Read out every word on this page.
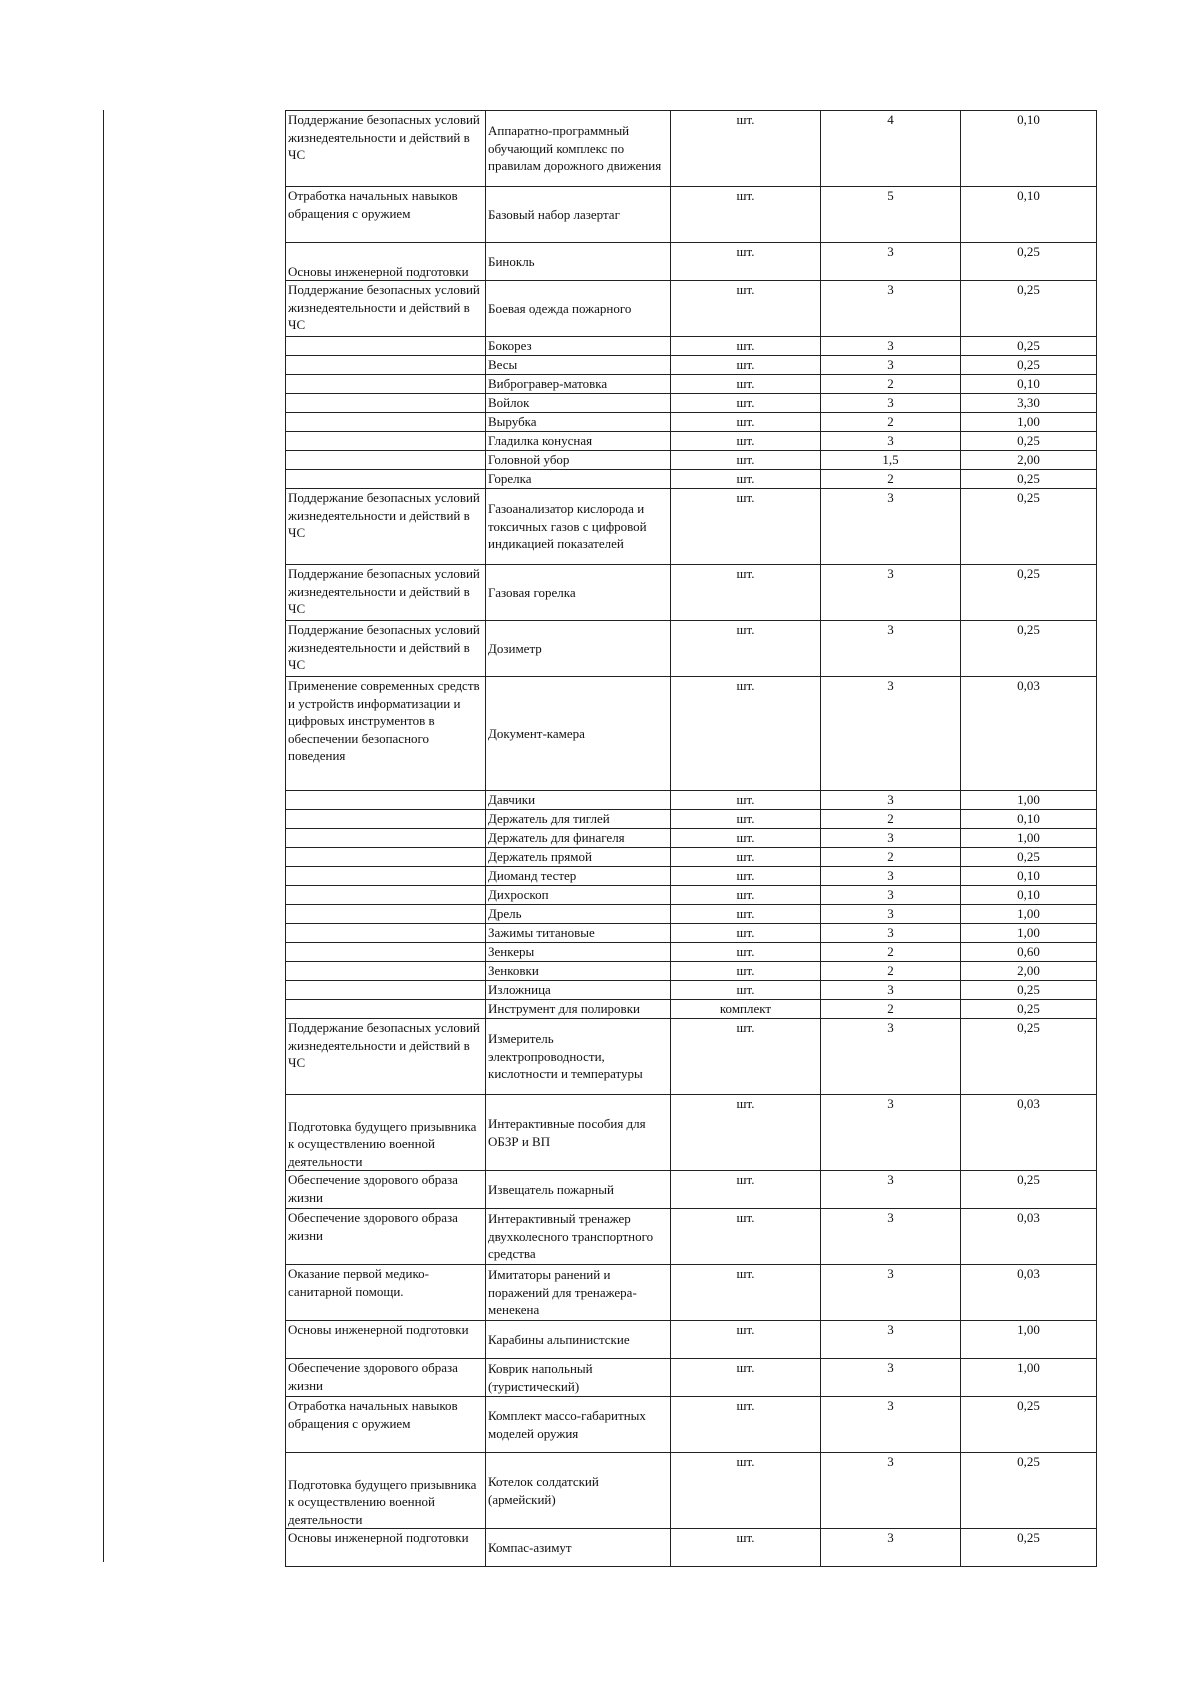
Поддержание безопасных условий жизнедеятельности и действий в ЧС	Аппаратно-программный обучающий комплекс по правилам дорожного движения	шт.	4	0,10
Отработка начальных навыков обращения с оружием	Базовый набор лазертаг	шт.	5	0,10
Основы инженерной подготовки	Бинокль	шт.	3	0,25
Поддержание безопасных условий жизнедеятельности и действий в ЧС	Боевая одежда пожарного	шт.	3	0,25
	Бокорез	шт.	3	0,25
	Весы	шт.	3	0,25
	Виброгравер-матовка	шт.	2	0,10
	Войлок	шт.	3	3,30
	Вырубка	шт.	2	1,00
	Гладилка конусная	шт.	3	0,25
	Головной убор	шт.	1,5	2,00
	Горелка	шт.	2	0,25
Поддержание безопасных условий жизнедеятельности и действий в ЧС	Газоанализатор кислорода и токсичных газов с цифровой индикацией показателей	шт.	3	0,25
Поддержание безопасных условий жизнедеятельности и действий в ЧС	Газовая горелка	шт.	3	0,25
Поддержание безопасных условий жизнедеятельности и действий в ЧС	Дозиметр	шт.	3	0,25
Применение современных средств и устройств информатизации и цифровых инструментов в обеспечении безопасного поведения	Документ-камера	шт.	3	0,03
	Давчики	шт.	3	1,00
	Держатель для тиглей	шт.	2	0,10
	Держатель для финагеля	шт.	3	1,00
	Держатель прямой	шт.	2	0,25
	Диоманд тестер	шт.	3	0,10
	Дихроскоп	шт.	3	0,10
	Дрель	шт.	3	1,00
	Зажимы титановые	шт.	3	1,00
	Зенкеры	шт.	2	0,60
	Зенковки	шт.	2	2,00
	Изложница	шт.	3	0,25
	Инструмент для полировки	комплект	2	0,25
Поддержание безопасных условий жизнедеятельности и действий в ЧС	Измеритель электропроводности, кислотности и температуры	шт.	3	0,25
Подготовка будущего призывника к осуществлению военной деятельности	Интерактивные пособия для ОБЗР и ВП	шт.	3	0,03
Обеспечение здорового образа жизни	Извещатель пожарный	шт.	3	0,25
Обеспечение здорового образа жизни	Интерактивный тренажер двухколесного транспортного средства	шт.	3	0,03
Оказание первой медико-санитарной помощи.	Имитаторы ранений и поражений для тренажера-менекена	шт.	3	0,03
Основы инженерной подготовки	Карабины альпинистские	шт.	3	1,00
Обеспечение здорового образа жизни	Коврик напольный (туристический)	шт.	3	1,00
Отработка начальных навыков обращения с оружием	Комплект массо-габаритных моделей оружия	шт.	3	0,25
Подготовка будущего призывника к осуществлению военной деятельности	Котелок солдатский (армейский)	шт.	3	0,25
Основы инженерной подготовки	Компас-азимут	шт.	3	0,25
